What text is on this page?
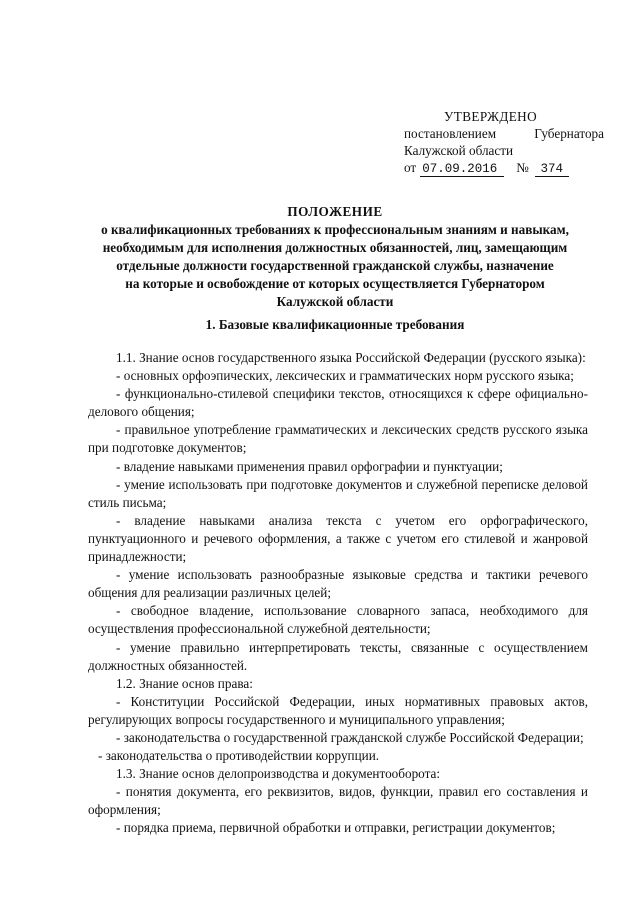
УТВЕРЖДЕНО
постановлением	Губернатора
Калужской области
от 07.09.2016	№ 374
ПОЛОЖЕНИЕ
о квалификационных требованиях к профессиональным знаниям и навыкам,
необходимым для исполнения должностных обязанностей, лиц, замещающим
отдельные должности государственной гражданской службы, назначение
на которые и освобождение от которых осуществляется Губернатором
Калужской области
1. Базовые квалификационные требования

1.1. Знание основ государственного языка Российской Федерации (русского языка):

- основных орфоэпических, лексических и грамматических норм русского языка;

- функционально-стилевой специфики текстов, относящихся к сфере официально-делового общения;

- правильное употребление грамматических и лексических средств русского языка при подготовке документов;

- владение навыками применения правил орфографии и пунктуации;

- умение использовать при подготовке документов и служебной переписке деловой стиль письма;

- владение навыками анализа текста с учетом его орфографического, пунктуационного и речевого оформления, а также с учетом его стилевой и жанровой принадлежности;

- умение использовать разнообразные языковые средства и тактики речевого общения для реализации различных целей;

- свободное владение, использование словарного запаса, необходимого для осуществления профессиональной служебной деятельности;

- умение правильно интерпретировать тексты, связанные с осуществлением должностных обязанностей.

1.2. Знание основ права:

- Конституции Российской Федерации, иных нормативных правовых актов, регулирующих вопросы государственного и муниципального управления;

- законодательства о государственной гражданской службе Российской Федерации;

- законодательства о противодействии коррупции.

1.3. Знание основ делопроизводства и документооборота:

- понятия документа, его реквизитов, видов, функции, правил его составления и оформления;

- порядка приема, первичной обработки и отправки, регистрации документов;
